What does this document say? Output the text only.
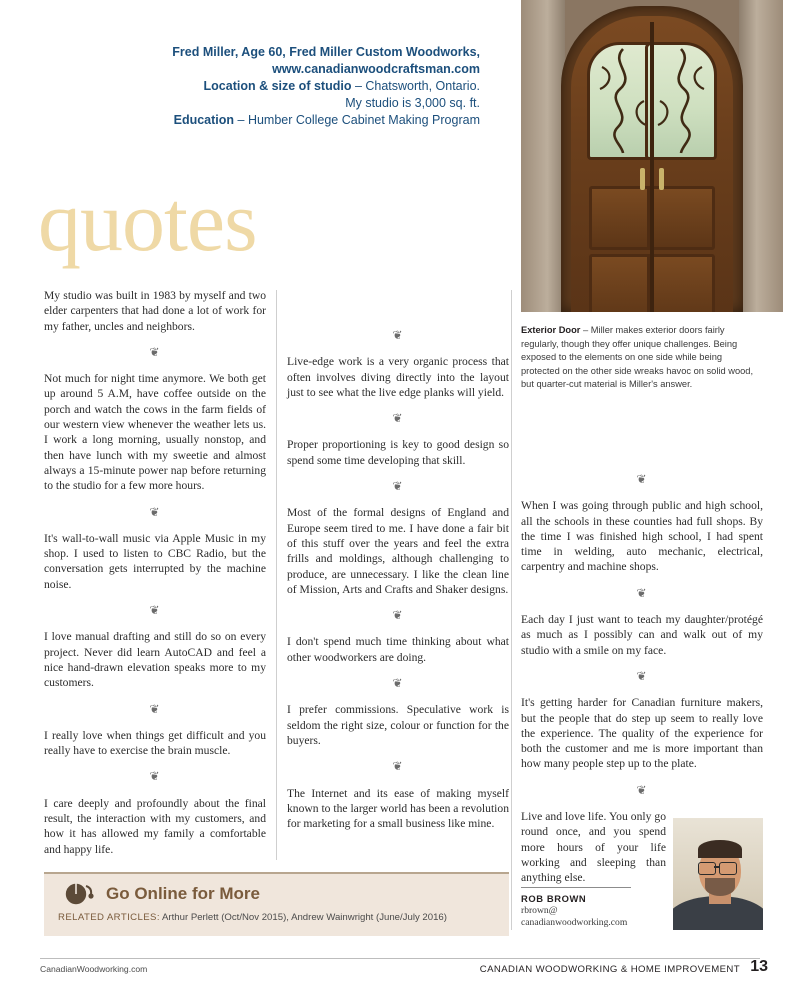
Fred Miller, Age 60, Fred Miller Custom Woodworks,
www.canadianwoodcraftsman.com
Location & size of studio – Chatsworth, Ontario.
My studio is 3,000 sq. ft.
Education – Humber College Cabinet Making Program
quotes
Exterior Door – Miller makes exterior doors fairly regularly, though they offer unique challenges. Being exposed to the elements on one side while being protected on the other side wreaks havoc on solid wood, but quarter-cut material is Miller's answer.

My studio was built in 1983 by myself and two elder carpenters that had done a lot of work for my father, uncles and neighbors.

❦

Not much for night time anymore. We both get up around 5 A.M, have coffee outside on the porch and watch the cows in the farm fields of our western view whenever the weather lets us. I work a long morning, usually nonstop, and then have lunch with my sweetie and almost always a 15-minute power nap before returning to the studio for a few more hours.

❦

It's wall-to-wall music via Apple Music in my shop. I used to listen to CBC Radio, but the conversation gets interrupted by the machine noise.

❦

I love manual drafting and still do so on every project. Never did learn AutoCAD and feel a nice hand-drawn elevation speaks more to my customers.

❦

I really love when things get difficult and you really have to exercise the brain muscle.

❦

I care deeply and profoundly about the final result, the interaction with my customers, and how it has allowed my family a comfortable and happy life.

❦

Live-edge work is a very organic process that often involves diving directly into the layout just to see what the live edge planks will yield.

❦

Proper proportioning is key to good design so spend some time developing that skill.

❦

Most of the formal designs of England and Europe seem tired to me. I have done a fair bit of this stuff over the years and feel the extra frills and moldings, although challenging to produce, are unnecessary. I like the clean line of Mission, Arts and Crafts and Shaker designs.

❦

I don't spend much time thinking about what other woodworkers are doing.

❦

I prefer commissions. Speculative work is seldom the right size, colour or function for the buyers.

❦

The Internet and its ease of making myself known to the larger world has been a revolution for marketing for a small business like mine.

❦

When I was going through public and high school, all the schools in these counties had full shops. By the time I was finished high school, I had spent time in welding, auto mechanic, electrical, carpentry and machine shops.

❦

Each day I just want to teach my daughter/protégé as much as I possibly can and walk out of my studio with a smile on my face.

❦

It's getting harder for Canadian furniture makers, but the people that do step up seem to really love the experience. The quality of the experience for both the customer and me is more important than how many people step up to the plate.

❦

Live and love life. You only go round once, and you spend more hours of your life working and sleeping than anything else.

ROB BROWN
rbrown@
canadianwoodworking.com
Go Online for More
RELATED ARTICLES: Arthur Perlett (Oct/Nov 2015), Andrew Wainwright (June/July 2016)
CanadianWoodworking.com	CANADIAN WOODWORKING & HOME IMPROVEMENT 13
